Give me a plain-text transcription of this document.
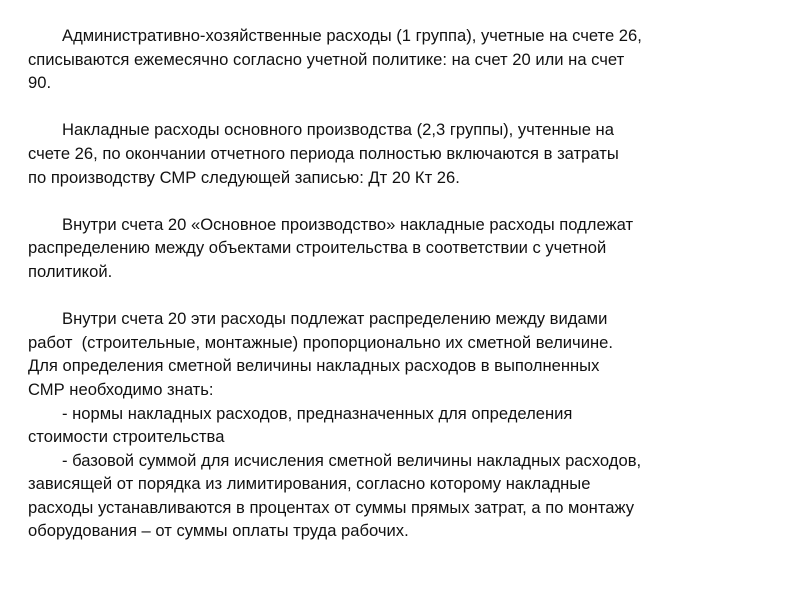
Административно-хозяйственные расходы (1 группа), учетные на счете 26,
списываются ежемесячно согласно учетной политике: на счет 20 или на счет
90.
Накладные расходы основного производства (2,3 группы), учтенные на
счете 26, по окончании отчетного периода полностью включаются в затраты
по производству СМР следующей записью: Дт 20 Кт 26.
Внутри счета 20 «Основное производство» накладные расходы подлежат
распределению между объектами строительства в соответствии с учетной
политикой.
Внутри счета 20 эти расходы подлежат распределению между видами
работ  (строительные, монтажные) пропорционально их сметной величине.
Для определения сметной величины накладных расходов в выполненных
СМР необходимо знать:
- нормы накладных расходов, предназначенных для определения
стоимости строительства
- базовой суммой для исчисления сметной величины накладных расходов,
зависящей от порядка из лимитирования, согласно которому накладные
расходы устанавливаются в процентах от суммы прямых затрат, а по монтажу
оборудования – от суммы оплаты труда рабочих.
